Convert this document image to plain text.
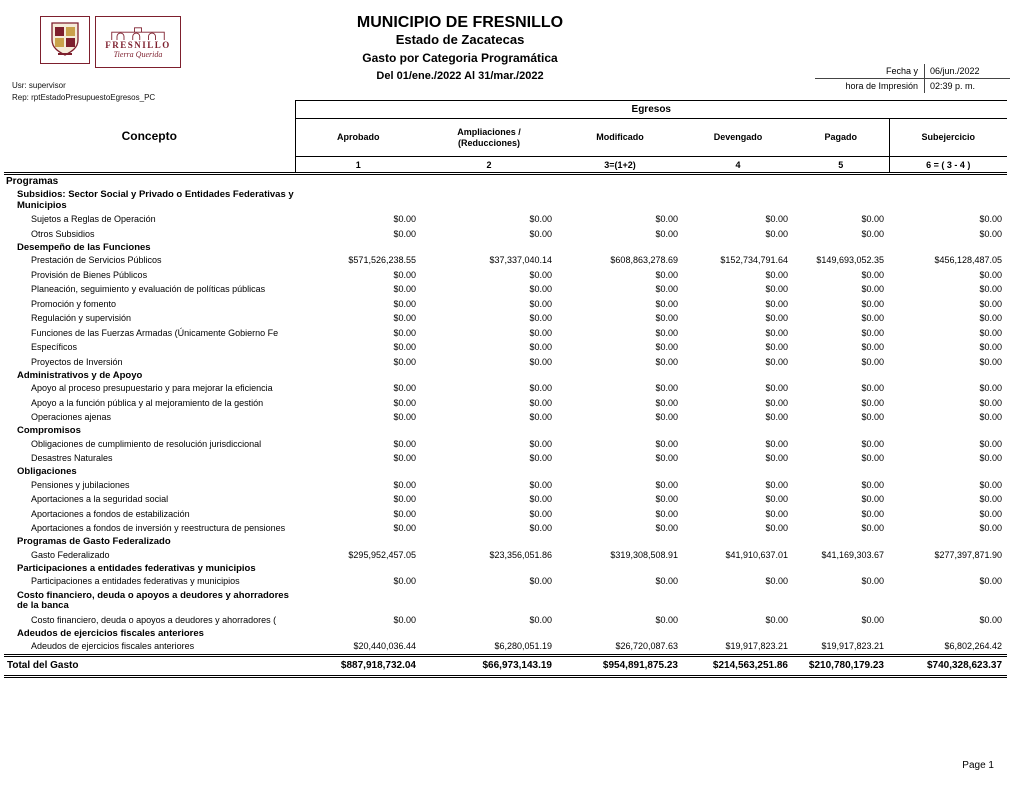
FRESNILLO
Tierra Querida
Usr: supervisor
Rep: rptEstadoPresupuestoEgresos_PC
MUNICIPIO DE FRESNILLO
Estado de Zacatecas
Gasto por Categoria Programática
Del 01/ene./2022 Al 31/mar./2022	Fecha y	06/jun./2022
hora de Impresión	02:39 p. m.
Concepto	Egresos					
	Aprobado	Ampliaciones / (Reducciones)	Modificado	Devengado	Pagado	Subejercicio
	1	2	3=(1+2)	4	5	6 = ( 3 - 4 )
Programas						
Subsidios: Sector Social y Privado o Entidades Federativas y Municipios						
Sujetos a Reglas de Operación	$0.00	$0.00	$0.00	$0.00	$0.00	$0.00
Otros Subsidios	$0.00	$0.00	$0.00	$0.00	$0.00	$0.00
Desempeño de las Funciones						
Prestación de Servicios Públicos	$571,526,238.55	$37,337,040.14	$608,863,278.69	$152,734,791.64	$149,693,052.35	$456,128,487.05
Provisión de Bienes Públicos	$0.00	$0.00	$0.00	$0.00	$0.00	$0.00
Planeación, seguimiento y evaluación de políticas públicas	$0.00	$0.00	$0.00	$0.00	$0.00	$0.00
Promoción y fomento	$0.00	$0.00	$0.00	$0.00	$0.00	$0.00
Regulación y supervisión	$0.00	$0.00	$0.00	$0.00	$0.00	$0.00
Funciones de las Fuerzas Armadas (Únicamente Gobierno Fe	$0.00	$0.00	$0.00	$0.00	$0.00	$0.00
Específicos	$0.00	$0.00	$0.00	$0.00	$0.00	$0.00
Proyectos de Inversión	$0.00	$0.00	$0.00	$0.00	$0.00	$0.00
Administrativos y de Apoyo						
Apoyo al proceso presupuestario y para mejorar la eficiencia	$0.00	$0.00	$0.00	$0.00	$0.00	$0.00
Apoyo a la función pública y al mejoramiento de la gestión	$0.00	$0.00	$0.00	$0.00	$0.00	$0.00
Operaciones ajenas	$0.00	$0.00	$0.00	$0.00	$0.00	$0.00
Compromisos						
Obligaciones de cumplimiento de resolución jurisdiccional	$0.00	$0.00	$0.00	$0.00	$0.00	$0.00
Desastres Naturales	$0.00	$0.00	$0.00	$0.00	$0.00	$0.00
Obligaciones						
Pensiones y jubilaciones	$0.00	$0.00	$0.00	$0.00	$0.00	$0.00
Aportaciones a la seguridad social	$0.00	$0.00	$0.00	$0.00	$0.00	$0.00
Aportaciones a fondos de estabilización	$0.00	$0.00	$0.00	$0.00	$0.00	$0.00
Aportaciones a fondos de inversión y reestructura de pensiones	$0.00	$0.00	$0.00	$0.00	$0.00	$0.00
Programas de Gasto Federalizado						
Gasto Federalizado	$295,952,457.05	$23,356,051.86	$319,308,508.91	$41,910,637.01	$41,169,303.67	$277,397,871.90
Participaciones a entidades federativas y municipios						
Participaciones a entidades federativas y municipios	$0.00	$0.00	$0.00	$0.00	$0.00	$0.00
Costo financiero, deuda o apoyos a deudores y ahorradores de la banca						
Costo financiero, deuda o apoyos a deudores y ahorradores (	$0.00	$0.00	$0.00	$0.00	$0.00	$0.00
Adeudos de ejercicios fiscales anteriores						
Adeudos de ejercicios fiscales anteriores	$20,440,036.44	$6,280,051.19	$26,720,087.63	$19,917,823.21	$19,917,823.21	$6,802,264.42
Total del Gasto	$887,918,732.04	$66,973,143.19	$954,891,875.23	$214,563,251.86	$210,780,179.23	$740,328,623.37
Page 1
